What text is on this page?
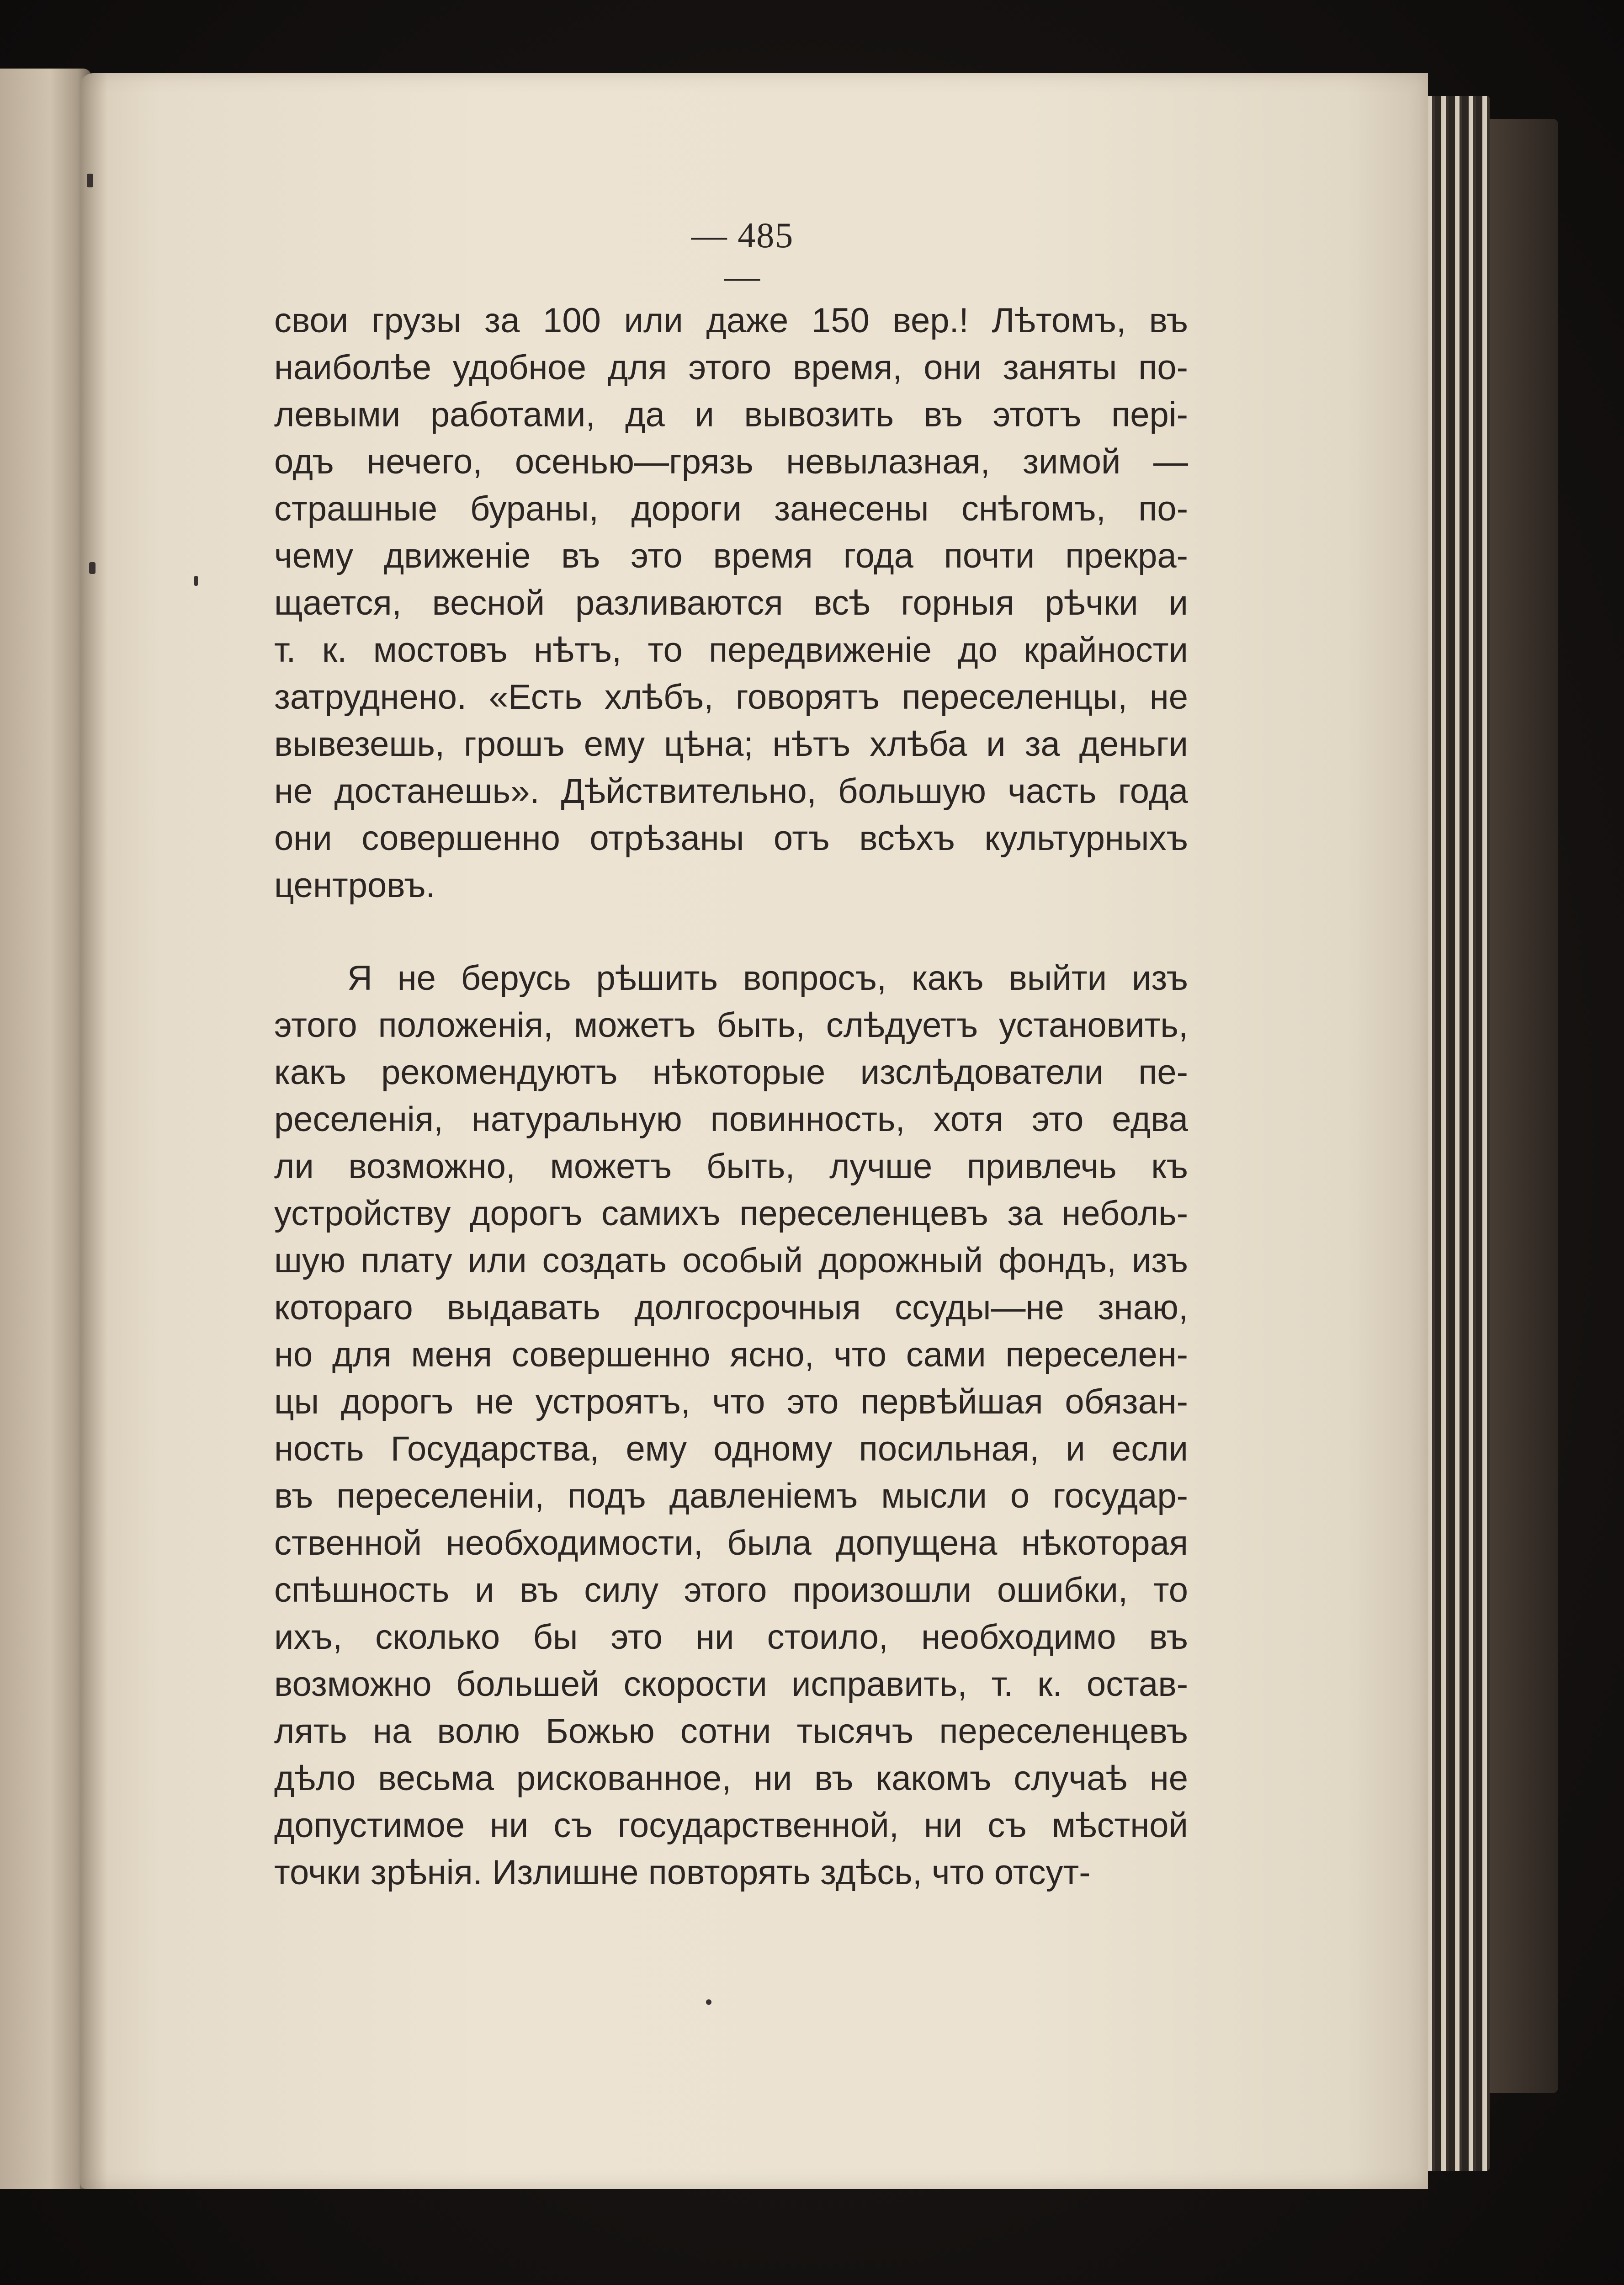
— 485 —
свои грузы за 100 или даже 150 вер.! Лѣтомъ, въ
наиболѣе удобное для этого время, они заняты по-
левыми работами, да и вывозить въ этотъ пері-
одъ нечего, осенью—грязь невылазная, зимой —
страшные бураны, дороги занесены снѣгомъ, по-
чему движеніе въ это время года почти прекра-
щается, весной разливаются всѣ горныя рѣчки и
т. к. мостовъ нѣтъ, то передвиженіе до крайности
затруднено. «Есть хлѣбъ, говорятъ переселенцы, не
вывезешь, грошъ ему цѣна; нѣтъ хлѣба и за деньги
не достанешь». Дѣйствительно, большую часть года
они совершенно отрѣзаны отъ всѣхъ культурныхъ
центровъ.
Я не берусь рѣшить вопросъ, какъ выйти изъ
этого положенія, можетъ быть, слѣдуетъ установить,
какъ рекомендуютъ нѣкоторые изслѣдователи пе-
реселенія, натуральную повинность, хотя это едва
ли возможно, можетъ быть, лучше привлечь къ
устройству дорогъ самихъ переселенцевъ за неболь-
шую плату или создать особый дорожный фондъ, изъ
котораго выдавать долгосрочныя ссуды—не знаю,
но для меня совершенно ясно, что сами переселен-
цы дорогъ не устроятъ, что это первѣйшая обязан-
ность Государства, ему одному посильная, и если
въ переселеніи, подъ давленіемъ мысли о государ-
ственной необходимости, была допущена нѣкоторая
спѣшность и въ силу этого произошли ошибки, то
ихъ, сколько бы это ни стоило, необходимо въ
возможно большей скорости исправить, т. к. остав-
лять на волю Божью сотни тысячъ переселенцевъ
дѣло весьма рискованное, ни въ какомъ случаѣ не
допустимое ни съ государственной, ни съ мѣстной
точки зрѣнія. Излишне повторять здѣсь, что отсут-
